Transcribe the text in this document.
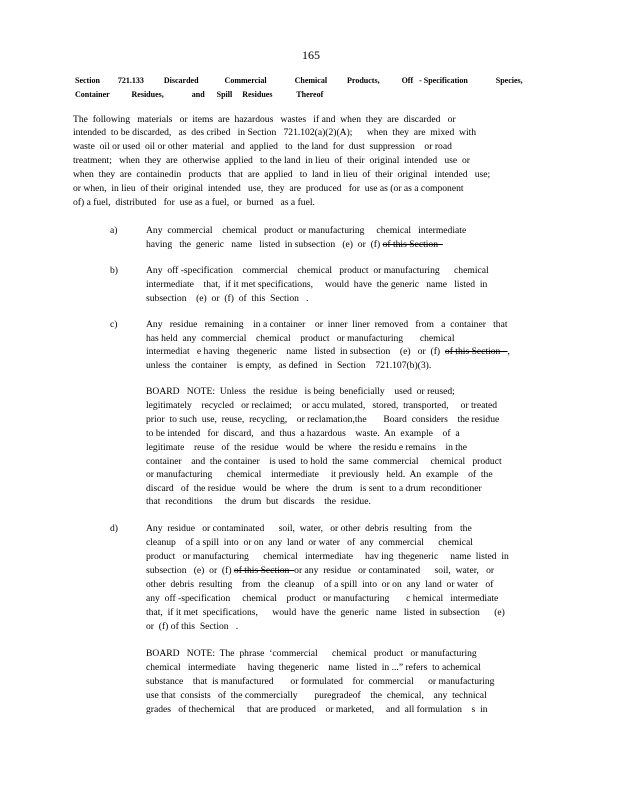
165
Section         721.133          Discarded             Commercial              Chemical          Products,           Off   - Specification              Species,
Container           Residues,              and      Spill     Residues            Thereof
The  following   materials   or  items  are  hazardous   wastes   if and  when  they  are  discarded   or
intended  to be discarded,   as  des cribed   in Section   721.102(a)(2)(A);      when  they  are  mixed  with
waste  oil or used  oil or other  material   and  applied   to  the land  for  dust  suppression    or road
treatment;   when  they  are  otherwise  applied   to the land  in lieu  of  their  original  intended   use  or
when  they  are  containedin   products   that  are  applied   to  land  in lieu  of  their  original   intended   use;
or when,  in lieu  of their  original  intended   use,  they  are  produced   for  use as (or as a component
of) a fuel,  distributed   for  use as a fuel,  or  burned   as a fuel.
a)	Any  commercial    chemical   product  or manufacturing     chemical   intermediate
having   the  generic   name   listed  in subsection   (e)  or  (f) of this Section
b)	Any  off -specification    commercial    chemical   product  or manufacturing      chemical
intermediate    that,  if it met specifications,     would  have  the generic   name   listed  in
subsection    (e)  or  (f)  of  this  Section   .
c)	Any   residue   remaining    in a container    or  inner  liner  removed   from   a  container   that
has held  any  commercial    chemical    product   or manufacturing       chemical
intermediat   e having   thegeneric    name   listed  in subsection    (e)   or  (f)  of this Section   ,
unless  the  container    is empty,   as defined   in  Section    721.107(b)(3).
BOARD   NOTE:  Unless   the  residue   is being  beneficially    used  or reused;
legitimately    recycled   or reclaimed;    or accu mulated,   stored,  transported,     or treated
prior  to such  use,  reuse,  recycling,    or reclamation,the       Board  considers    the residue
to be intended   for  discard,   and  thus  a hazardous    waste.  An  example    of  a
legitimate    reuse   of  the  residue   would  be  where   the residu e remains    in the
container    and  the container    is used  to hold  the  same  commercial     chemical   product
or manufacturing      chemical    intermediate     it previously   held.  An  example    of  the
discard   of  the residue   would  be  where   the  drum   is sent  to a drum  reconditioner
that  reconditions     the  drum  but  discards    the  residue.
d)	Any  residue   or contaminated      soil,  water,   or other  debris  resulting   from   the
cleanup    of a spill  into  or on  any  land  or water   of  any  commercial      chemical
product   or manufacturing      chemical   intermediate     hav ing  thegeneric     name  listed  in
subsection   (e)  or  (f) of this Section  or any  residue   or contaminated      soil,  water,   or
other  debris  resulting    from   the  cleanup    of a spill  into  or on  any  land  or water   of
any  off -specification     chemical    product   or manufacturing       c hemical   intermediate
that,  if it met  specifications,      would  have  the  generic   name   listed  in subsection      (e)
or  (f) of this  Section   .
BOARD   NOTE:  The  phrase  ‘commercial      chemical   product   or manufacturing
chemical   intermediate     having  thegeneric    name   listed  in ...” refers  to achemical
substance    that  is manufactured       or formulated    for  commercial      or manufacturing
use that  consists   of  the commercially       puregradeof    the  chemical,    any  technical
grades   of thechemical     that  are produced    or marketed,     and  all formulation    s  in
